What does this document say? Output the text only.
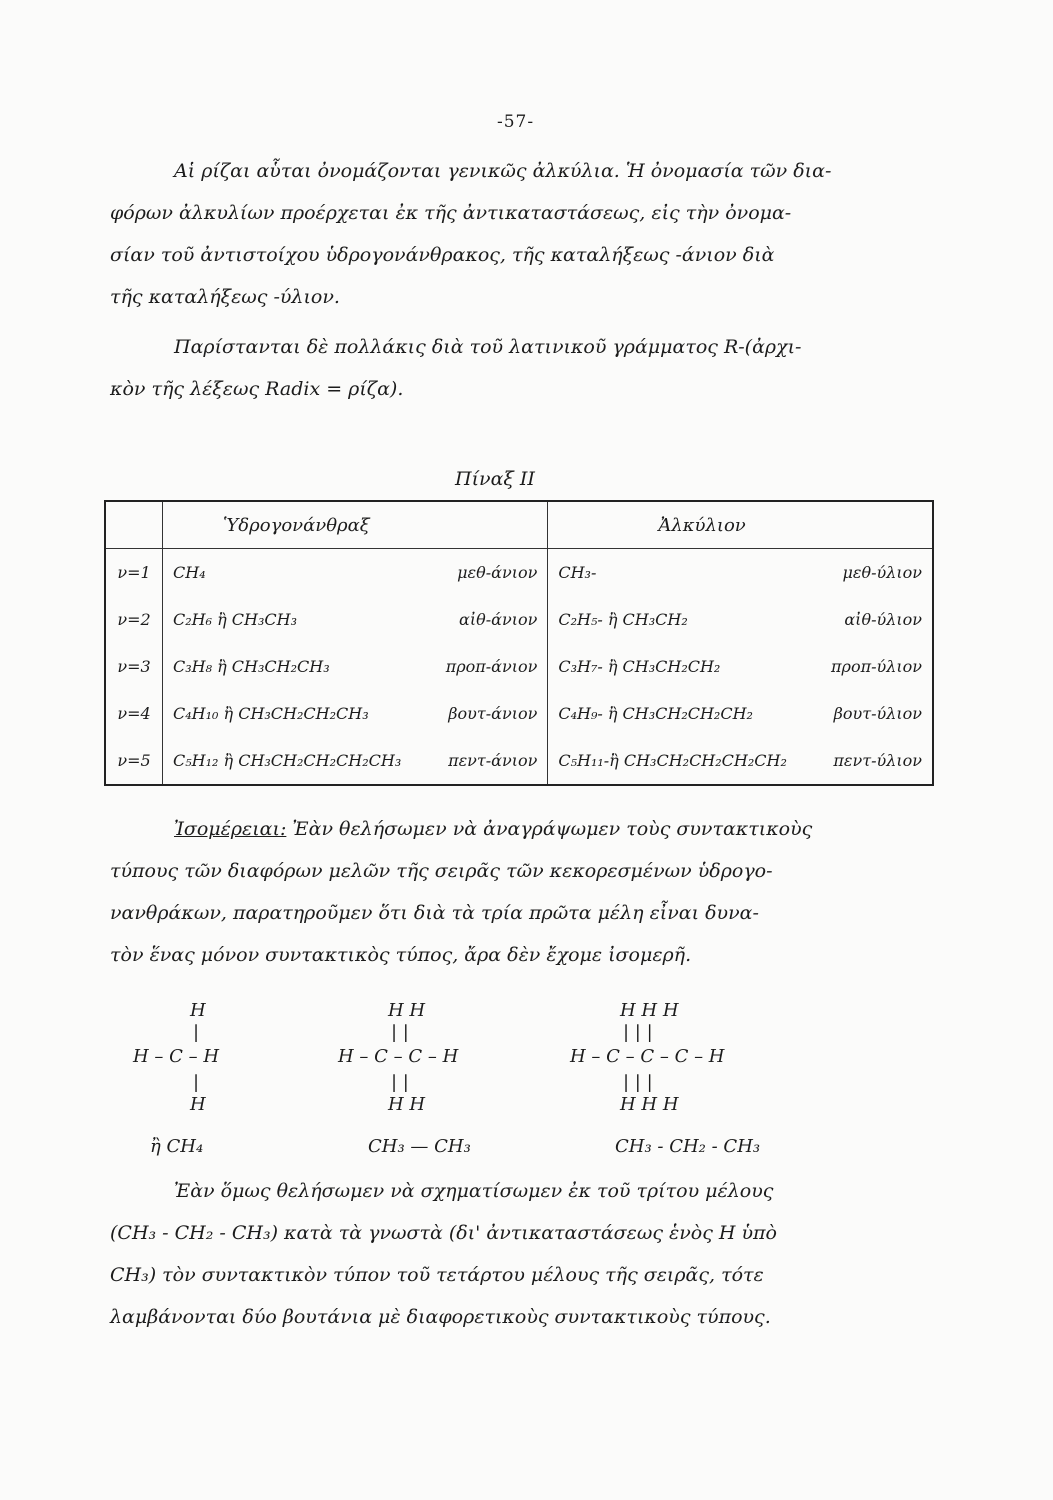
-57-

Αἱ ρίζαι αὗται ὀνομάζονται γενικῶς ἀλκύλια. Ἡ ὀνομασία τῶν δια-
φόρων ἀλκυλίων προέρχεται ἐκ τῆς ἀντικαταστάσεως, εἰς τὴν ὀνομα-
σίαν τοῦ ἀντιστοίχου ὑδρογονάνθρακος, τῆς καταλήξεως -άνιον διὰ
τῆς καταλήξεως -ύλιον.

Παρίστανται δὲ πολλάκις διὰ τοῦ λατινικοῦ γράμματος R-(ἀρχι-
κὸν τῆς λέξεως Radix = ρίζα).

Πίναξ II
	Ὑδρογονάνθραξ		Ἀλκύλιον	
ν=1	CH₄	μεθ-άνιον	CH₃-	μεθ-ύλιον
ν=2	C₂H₆ ἢ CH₃CH₃	αἰθ-άνιον	C₂H₅- ἢ CH₃CH₂	αἰθ-ύλιον
ν=3	C₃H₈ ἢ CH₃CH₂CH₃	προπ-άνιον	C₃H₇- ἢ CH₃CH₂CH₂	προπ-ύλιον
ν=4	C₄H₁₀ ἢ CH₃CH₂CH₂CH₃	βουτ-άνιον	C₄H₉- ἢ CH₃CH₂CH₂CH₂	βουτ-ύλιον
ν=5	C₅H₁₂ ἢ CH₃CH₂CH₂CH₂CH₃	πεντ-άνιον	C₅H₁₁-ἢ CH₃CH₂CH₂CH₂CH₂	πεντ-ύλιον

Ἰσομέρειαι: Ἐὰν θελήσωμεν νὰ ἀναγράψωμεν τοὺς συντακτικοὺς
τύπους τῶν διαφόρων μελῶν τῆς σειρᾶς τῶν κεκορεσμένων ὑδρογο-
νανθράκων, παρατηροῦμεν ὅτι διὰ τὰ τρία πρῶτα μέλη εἶναι δυνα-
τὸν ἕνας μόνον συντακτικὸς τύπος, ἄρα δὲν ἔχομε ἰσομερῆ.

H
|
H – C – H
|
H
ἢ CH₄
H H
| |
H – C – C – H
| |
H H
CH₃ — CH₃
H H H
| | |
H – C – C – C – H
| | |
H H H
CH₃ - CH₂ - CH₃

Ἐὰν ὅμως θελήσωμεν νὰ σχηματίσωμεν ἐκ τοῦ τρίτου μέλους
(CH₃ - CH₂ - CH₃) κατὰ τὰ γνωστὰ (δι' ἀντικαταστάσεως ἑνὸς H ὑπὸ
CH₃) τὸν συντακτικὸν τύπον τοῦ τετάρτου μέλους τῆς σειρᾶς, τότε
λαμβάνονται δύο βουτάνια μὲ διαφορετικοὺς συντακτικοὺς τύπους.
